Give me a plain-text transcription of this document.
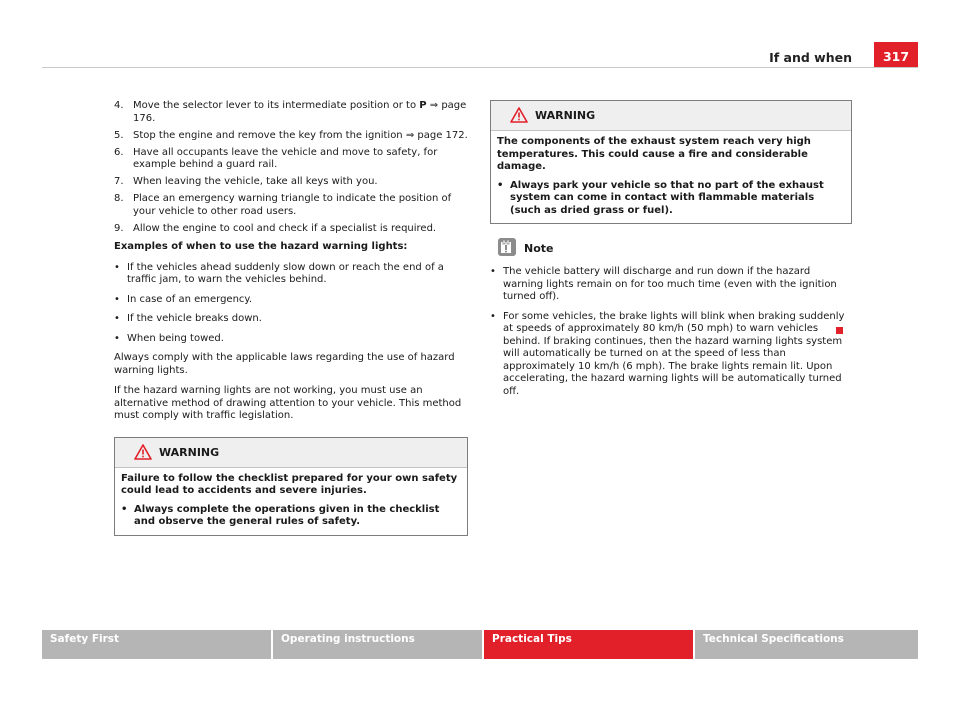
If and when	317
4. Move the selector lever to its intermediate position or to P ⇒ page 176.
5. Stop the engine and remove the key from the ignition ⇒ page 172.
6. Have all occupants leave the vehicle and move to safety, for example behind a guard rail.
7. When leaving the vehicle, take all keys with you.
8. Place an emergency warning triangle to indicate the position of your vehicle to other road users.
9. Allow the engine to cool and check if a specialist is required.

Examples of when to use the hazard warning lights:

• If the vehicles ahead suddenly slow down or reach the end of a traffic jam, to warn the vehicles behind.
• In case of an emergency.
• If the vehicle breaks down.
• When being towed.

Always comply with the applicable laws regarding the use of hazard warning lights.

If the hazard warning lights are not working, you must use an alternative method of drawing attention to your vehicle. This method must comply with traffic legislation.

WARNING

Failure to follow the checklist prepared for your own safety could lead to accidents and severe injuries.

• Always complete the operations given in the checklist and observe the general rules of safety.
WARNING

The components of the exhaust system reach very high temperatures. This could cause a fire and considerable damage.

• Always park your vehicle so that no part of the exhaust system can come in contact with flammable materials (such as dried grass or fuel).
Note
• The vehicle battery will discharge and run down if the hazard warning lights remain on for too much time (even with the ignition turned off).
• For some vehicles, the brake lights will blink when braking suddenly at speeds of approximately 80 km/h (50 mph) to warn vehicles behind. If braking continues, then the hazard warning lights system will automatically be turned on at the speed of less than approximately 10 km/h (6 mph). The brake lights remain lit. Upon accelerating, the hazard warning lights will be automatically turned off.
Safety First	Operating instructions	Practical Tips	Technical Specifications
